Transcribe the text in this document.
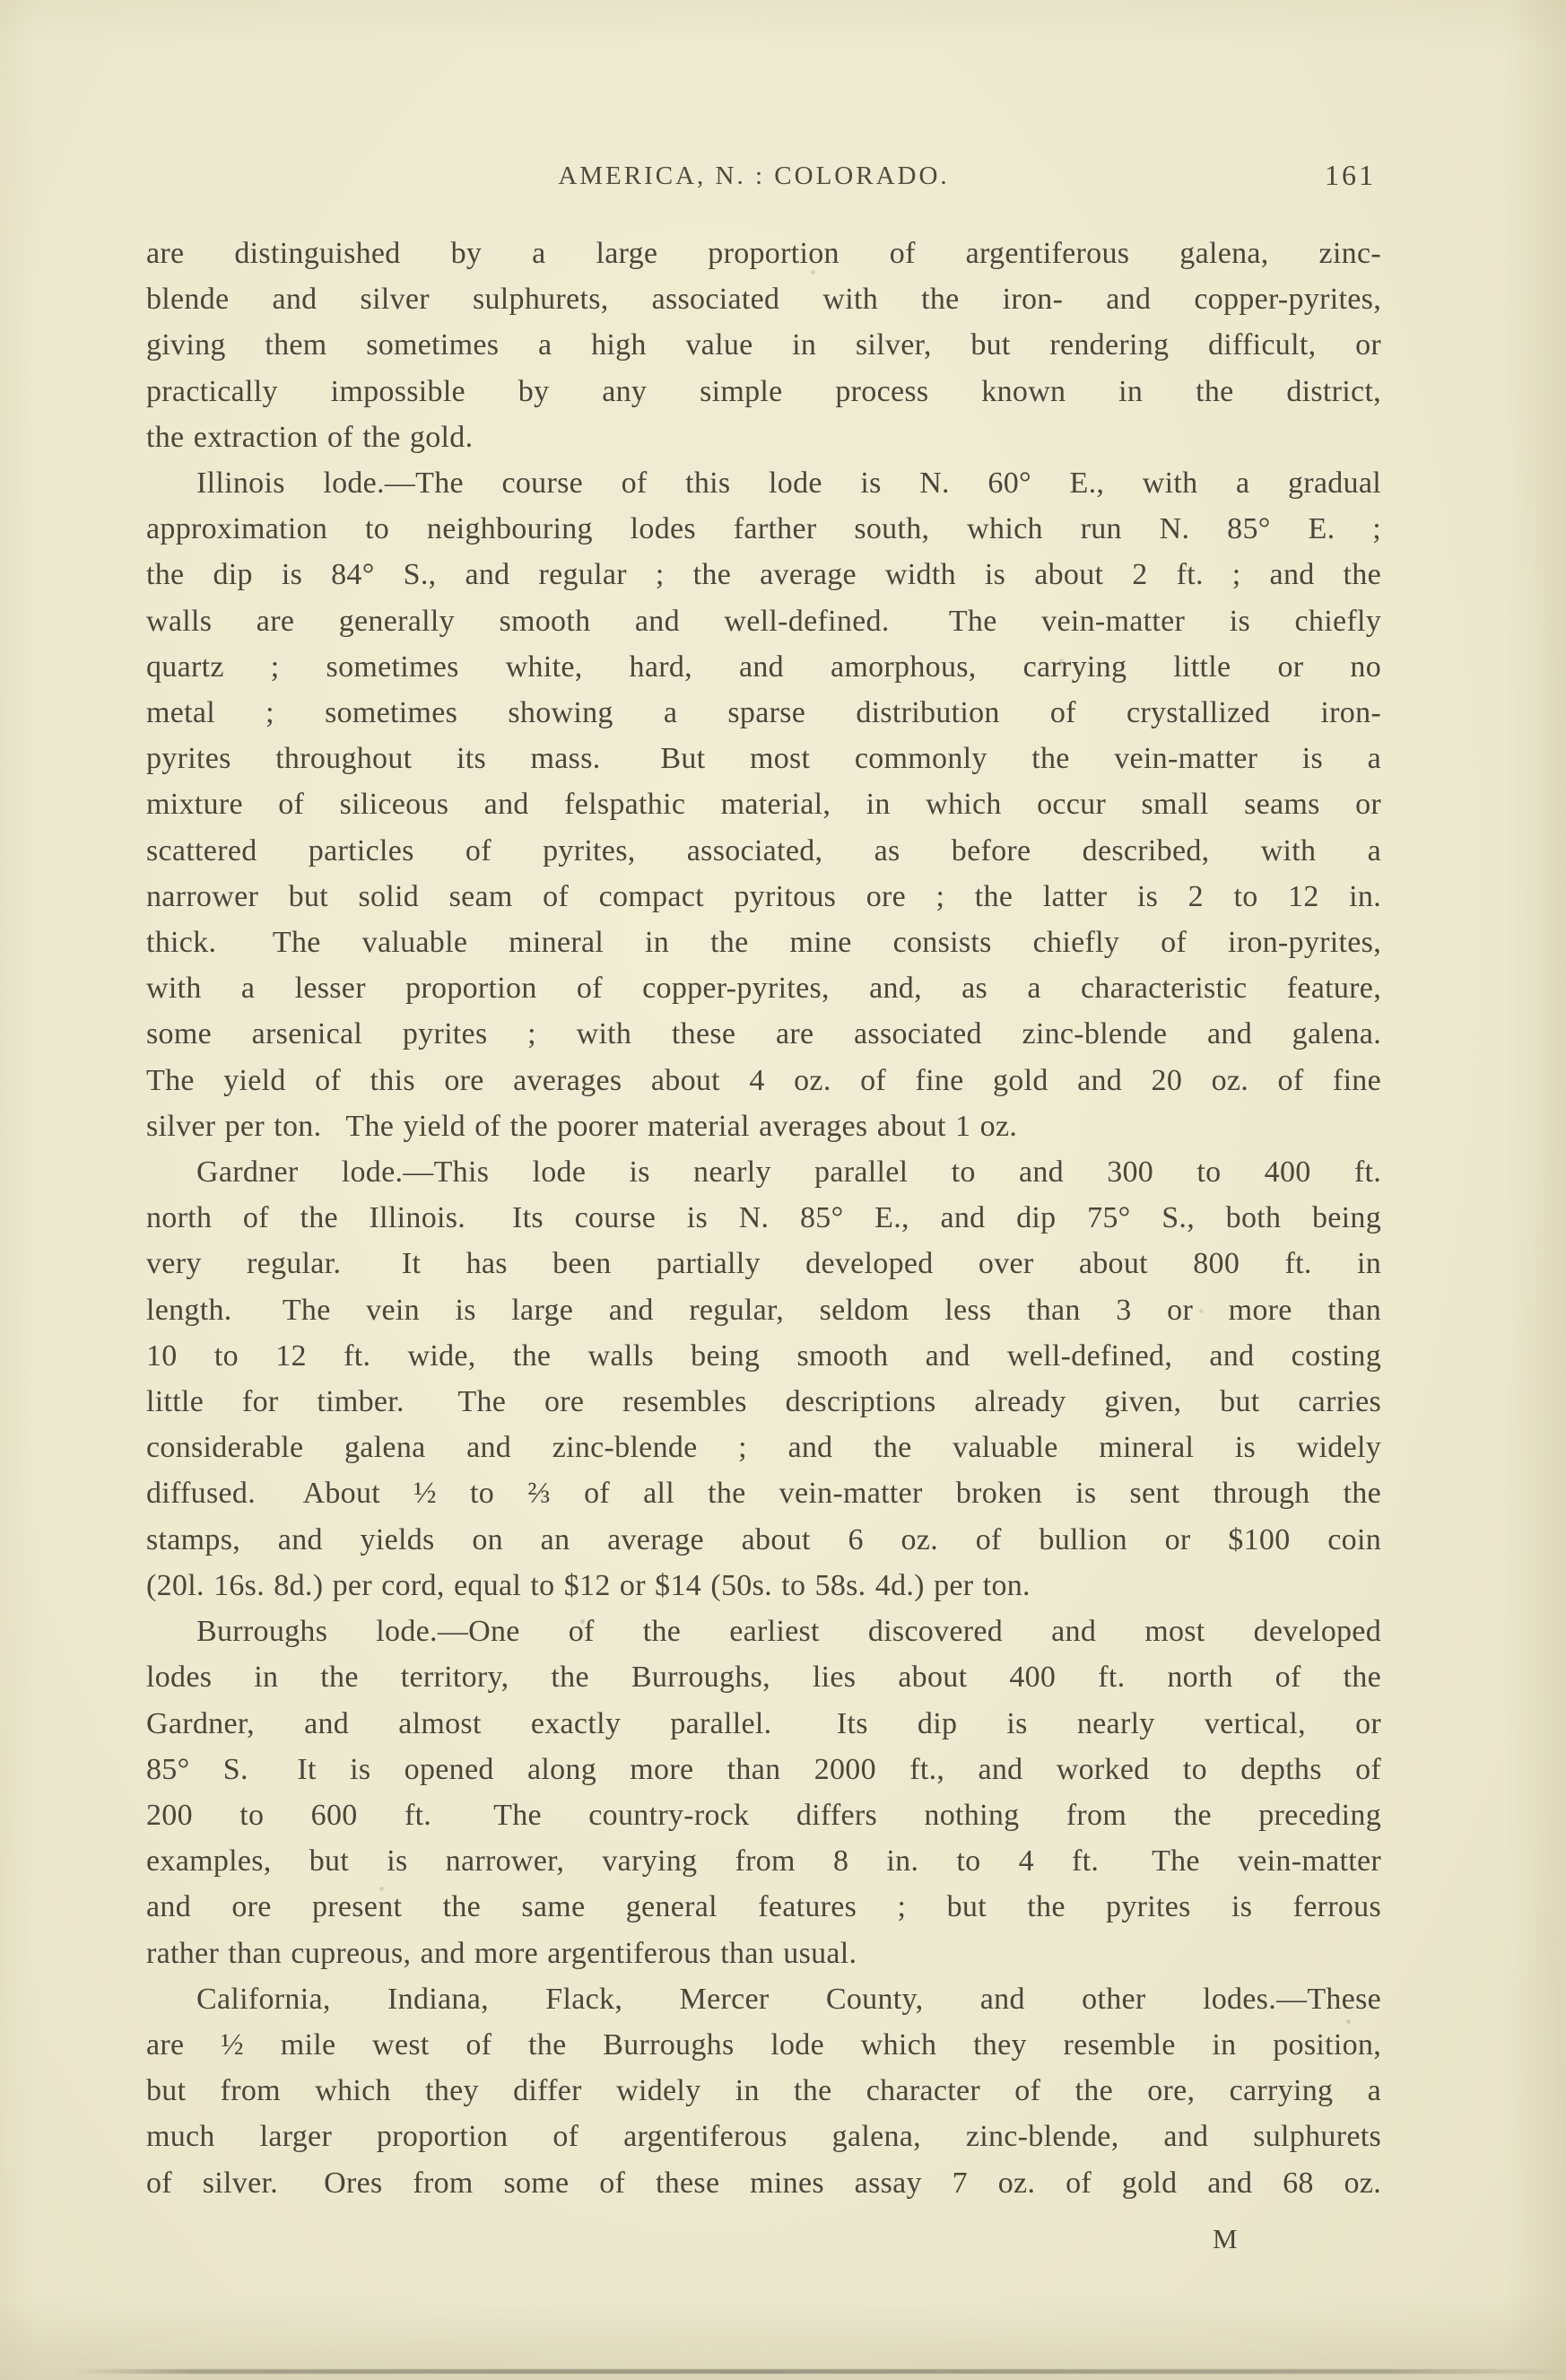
AMERICA, N. : COLORADO.	161
are distinguished by a large proportion of argentiferous galena, zinc-
blende and silver sulphurets, associated with the iron- and copper-pyrites,
giving them sometimes a high value in silver, but rendering difficult, or
practically impossible by any simple process known in the district,
the extraction of the gold.
Illinois lode.—The course of this lode is N. 60° E., with a gradual
approximation to neighbouring lodes farther south, which run N. 85° E. ;
the dip is 84° S., and regular ; the average width is about 2 ft. ; and the
walls are generally smooth and well-defined.  The vein-matter is chiefly
quartz ; sometimes white, hard, and amorphous, carrying little or no
metal ; sometimes showing a sparse distribution of crystallized iron-
pyrites throughout its mass.  But most commonly the vein-matter is a
mixture of siliceous and felspathic material, in which occur small seams or
scattered particles of pyrites, associated, as before described, with a
narrower but solid seam of compact pyritous ore ; the latter is 2 to 12 in.
thick.  The valuable mineral in the mine consists chiefly of iron-pyrites,
with a lesser proportion of copper-pyrites, and, as a characteristic feature,
some arsenical pyrites ; with these are associated zinc-blende and galena.
The yield of this ore averages about 4 oz. of fine gold and 20 oz. of fine
silver per ton.  The yield of the poorer material averages about 1 oz.
Gardner lode.—This lode is nearly parallel to and 300 to 400 ft.
north of the Illinois.  Its course is N. 85° E., and dip 75° S., both being
very regular.  It has been partially developed over about 800 ft. in
length.  The vein is large and regular, seldom less than 3 or more than
10 to 12 ft. wide, the walls being smooth and well-defined, and costing
little for timber.  The ore resembles descriptions already given, but carries
considerable galena and zinc-blende ; and the valuable mineral is widely
diffused.  About ½ to ⅔ of all the vein-matter broken is sent through the
stamps, and yields on an average about 6 oz. of bullion or $100 coin
(20l. 16s. 8d.) per cord, equal to $12 or $14 (50s. to 58s. 4d.) per ton.
Burroughs lode.—One of the earliest discovered and most developed
lodes in the territory, the Burroughs, lies about 400 ft. north of the
Gardner, and almost exactly parallel.  Its dip is nearly vertical, or
85° S.  It is opened along more than 2000 ft., and worked to depths of
200 to 600 ft.  The country-rock differs nothing from the preceding
examples, but is narrower, varying from 8 in. to 4 ft.  The vein-matter
and ore present the same general features ; but the pyrites is ferrous
rather than cupreous, and more argentiferous than usual.
California, Indiana, Flack, Mercer County, and other lodes.—These
are ½ mile west of the Burroughs lode which they resemble in position,
but from which they differ widely in the character of the ore, carrying a
much larger proportion of argentiferous galena, zinc-blende, and sulphurets
of silver.  Ores from some of these mines assay 7 oz. of gold and 68 oz.
M
